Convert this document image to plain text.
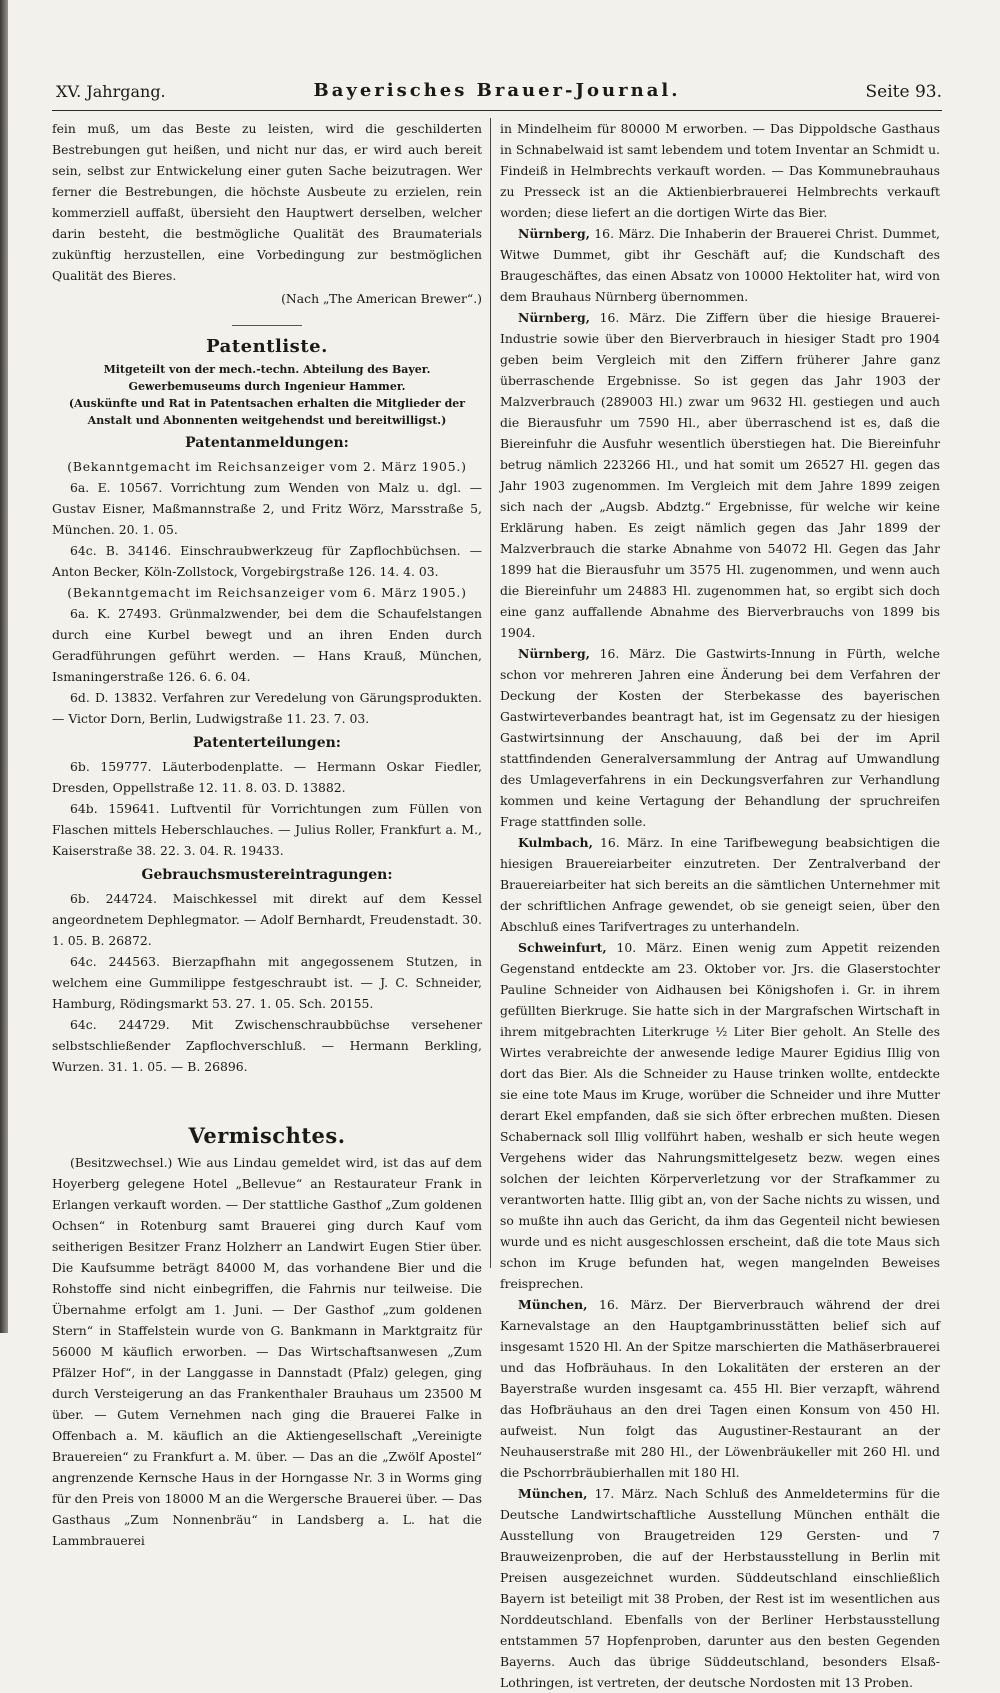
XV. Jahrgang.	Bayerisches Brauer-Journal.	Seite 93.

fein muß, um das Beste zu leisten, wird die geschilderten Bestrebungen gut heißen, und nicht nur das, er wird auch bereit sein, selbst zur Entwickelung einer guten Sache beizutragen. Wer ferner die Bestrebungen, die höchste Ausbeute zu erzielen, rein kommerziell auffaßt, übersieht den Hauptwert derselben, welcher darin besteht, die bestmögliche Qualität des Braumaterials zukünftig herzustellen, eine Vorbedingung zur bestmöglichen Qualität des Bieres.

(Nach „The American Brewer“.)

Patentliste.

Mitgeteilt von der mech.-techn. Abteilung des Bayer. Gewerbemuseums durch Ingenieur Hammer.

(Auskünfte und Rat in Patentsachen erhalten die Mitglieder der Anstalt und Abonnenten weitgehendst und bereitwilligst.)

Patentanmeldungen:

(Bekanntgemacht im Reichsanzeiger vom 2. März 1905.)

6a. E. 10567. Vorrichtung zum Wenden von Malz u. dgl. — Gustav Eisner, Maßmannstraße 2, und Fritz Wörz, Marsstraße 5, München. 20. 1. 05.

64c. B. 34146. Einschraubwerkzeug für Zapflochbüchsen. — Anton Becker, Köln-Zollstock, Vorgebirgstraße 126. 14. 4. 03.

(Bekanntgemacht im Reichsanzeiger vom 6. März 1905.)

6a. K. 27493. Grünmalzwender, bei dem die Schaufelstangen durch eine Kurbel bewegt und an ihren Enden durch Geradführungen geführt werden. — Hans Krauß, München, Ismaningerstraße 126. 6. 6. 04.

6d. D. 13832. Verfahren zur Veredelung von Gärungsprodukten. — Victor Dorn, Berlin, Ludwigstraße 11. 23. 7. 03.

Patenterteilungen:

6b. 159777. Läuterbodenplatte. — Hermann Oskar Fiedler, Dresden, Oppellstraße 12. 11. 8. 03. D. 13882.

64b. 159641. Luftventil für Vorrichtungen zum Füllen von Flaschen mittels Heberschlauches. — Julius Roller, Frankfurt a. M., Kaiserstraße 38. 22. 3. 04. R. 19433.

Gebrauchsmustereintragungen:

6b. 244724. Maischkessel mit direkt auf dem Kessel angeordnetem Dephlegmator. — Adolf Bernhardt, Freudenstadt. 30. 1. 05. B. 26872.

64c. 244563. Bierzapfhahn mit angegossenem Stutzen, in welchem eine Gummilippe festgeschraubt ist. — J. C. Schneider, Hamburg, Rödingsmarkt 53. 27. 1. 05. Sch. 20155.

64c. 244729. Mit Zwischenschraubbüchse versehener selbstschließender Zapflochverschluß. — Hermann Berkling, Wurzen. 31. 1. 05. — B. 26896.

Vermischtes.

(Besitzwechsel.) Wie aus Lindau gemeldet wird, ist das auf dem Hoyerberg gelegene Hotel „Bellevue“ an Restaurateur Frank in Erlangen verkauft worden. — Der stattliche Gasthof „Zum goldenen Ochsen“ in Rotenburg samt Brauerei ging durch Kauf vom seitherigen Besitzer Franz Holzherr an Landwirt Eugen Stier über. Die Kaufsumme beträgt 84000 M, das vorhandene Bier und die Rohstoffe sind nicht einbegriffen, die Fahrnis nur teilweise. Die Übernahme erfolgt am 1. Juni. — Der Gasthof „zum goldenen Stern“ in Staffelstein wurde von G. Bankmann in Marktgraitz für 56000 M käuflich erworben. — Das Wirtschaftsanwesen „Zum Pfälzer Hof“, in der Langgasse in Dannstadt (Pfalz) gelegen, ging durch Versteigerung an das Frankenthaler Brauhaus um 23500 M über. — Gutem Vernehmen nach ging die Brauerei Falke in Offenbach a. M. käuflich an die Aktiengesellschaft „Vereinigte Brauereien“ zu Frankfurt a. M. über. — Das an die „Zwölf Apostel“ angrenzende Kernsche Haus in der Horngasse Nr. 3 in Worms ging für den Preis von 18000 M an die Wergersche Brauerei über. — Das Gasthaus „Zum Nonnenbräu“ in Landsberg a. L. hat die Lammbrauerei

in Mindelheim für 80000 M erworben. — Das Dippoldsche Gasthaus in Schnabelwaid ist samt lebendem und totem Inventar an Schmidt u. Findeiß in Helmbrechts verkauft worden. — Das Kommunebrauhaus zu Presseck ist an die Aktienbierbrauerei Helmbrechts verkauft worden; diese liefert an die dortigen Wirte das Bier.

Nürnberg, 16. März. Die Inhaberin der Brauerei Christ. Dummet, Witwe Dummet, gibt ihr Geschäft auf; die Kundschaft des Braugeschäftes, das einen Absatz von 10000 Hektoliter hat, wird von dem Brauhaus Nürnberg übernommen.

Nürnberg, 16. März. Die Ziffern über die hiesige Brauerei-Industrie sowie über den Bierverbrauch in hiesiger Stadt pro 1904 geben beim Vergleich mit den Ziffern früherer Jahre ganz überraschende Ergebnisse. So ist gegen das Jahr 1903 der Malzverbrauch (289003 Hl.) zwar um 9632 Hl. gestiegen und auch die Bierausfuhr um 7590 Hl., aber überraschend ist es, daß die Biereinfuhr die Ausfuhr wesentlich überstiegen hat. Die Biereinfuhr betrug nämlich 223266 Hl., und hat somit um 26527 Hl. gegen das Jahr 1903 zugenommen. Im Vergleich mit dem Jahre 1899 zeigen sich nach der „Augsb. Abdztg.“ Ergebnisse, für welche wir keine Erklärung haben. Es zeigt nämlich gegen das Jahr 1899 der Malzverbrauch die starke Abnahme von 54072 Hl. Gegen das Jahr 1899 hat die Bierausfuhr um 3575 Hl. zugenommen, und wenn auch die Biereinfuhr um 24883 Hl. zugenommen hat, so ergibt sich doch eine ganz auffallende Abnahme des Bierverbrauchs von 1899 bis 1904.

Nürnberg, 16. März. Die Gastwirts-Innung in Fürth, welche schon vor mehreren Jahren eine Änderung bei dem Verfahren der Deckung der Kosten der Sterbekasse des bayerischen Gastwirteverbandes beantragt hat, ist im Gegensatz zu der hiesigen Gastwirtsinnung der Anschauung, daß bei der im April stattfindenden Generalversammlung der Antrag auf Umwandlung des Umlageverfahrens in ein Deckungsverfahren zur Verhandlung kommen und keine Vertagung der Behandlung der spruchreifen Frage stattfinden solle.

Kulmbach, 16. März. In eine Tarifbewegung beabsichtigen die hiesigen Brauereiarbeiter einzutreten. Der Zentralverband der Brauereiarbeiter hat sich bereits an die sämtlichen Unternehmer mit der schriftlichen Anfrage gewendet, ob sie geneigt seien, über den Abschluß eines Tarifvertrages zu unterhandeln.

Schweinfurt, 10. März. Einen wenig zum Appetit reizenden Gegenstand entdeckte am 23. Oktober vor. Jrs. die Glaserstochter Pauline Schneider von Aidhausen bei Königshofen i. Gr. in ihrem gefüllten Bierkruge. Sie hatte sich in der Margrafschen Wirtschaft in ihrem mitgebrachten Literkruge ½ Liter Bier geholt. An Stelle des Wirtes verabreichte der anwesende ledige Maurer Egidius Illig von dort das Bier. Als die Schneider zu Hause trinken wollte, entdeckte sie eine tote Maus im Kruge, worüber die Schneider und ihre Mutter derart Ekel empfanden, daß sie sich öfter erbrechen mußten. Diesen Schabernack soll Illig vollführt haben, weshalb er sich heute wegen Vergehens wider das Nahrungsmittelgesetz bezw. wegen eines solchen der leichten Körperverletzung vor der Strafkammer zu verantworten hatte. Illig gibt an, von der Sache nichts zu wissen, und so mußte ihn auch das Gericht, da ihm das Gegenteil nicht bewiesen wurde und es nicht ausgeschlossen erscheint, daß die tote Maus sich schon im Kruge befunden hat, wegen mangelnden Beweises freisprechen.

München, 16. März. Der Bierverbrauch während der drei Karnevalstage an den Hauptgambrinusstätten belief sich auf insgesamt 1520 Hl. An der Spitze marschierten die Mathäserbrauerei und das Hofbräuhaus. In den Lokalitäten der ersteren an der Bayerstraße wurden insgesamt ca. 455 Hl. Bier verzapft, während das Hofbräuhaus an den drei Tagen einen Konsum von 450 Hl. aufweist. Nun folgt das Augustiner-Restaurant an der Neuhauserstraße mit 280 Hl., der Löwenbräukeller mit 260 Hl. und die Pschorrbräubierhallen mit 180 Hl.

München, 17. März. Nach Schluß des Anmeldetermins für die Deutsche Landwirtschaftliche Ausstellung München enthält die Ausstellung von Braugetreiden 129 Gersten- und 7 Brauweizenproben, die auf der Herbstausstellung in Berlin mit Preisen ausgezeichnet wurden. Süddeutschland einschließlich Bayern ist beteiligt mit 38 Proben, der Rest ist im wesentlichen aus Norddeutschland. Ebenfalls von der Berliner Herbstausstellung entstammen 57 Hopfenproben, darunter aus den besten Gegenden Bayerns. Auch das übrige Süddeutschland, besonders Elsaß-Lothringen, ist vertreten, der deutsche Nordosten mit 13 Proben.
